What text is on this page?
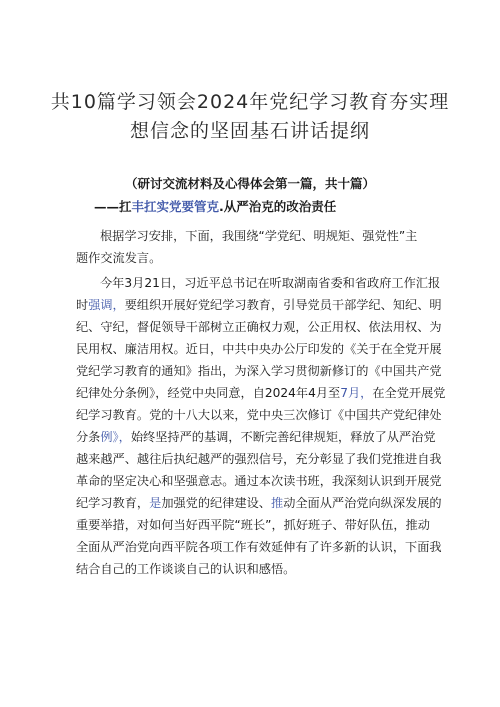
共10篇学习领会2024年党纪学习教育夯实理
想信念的坚固基石讲话提纲
（研讨交流材料及心得体会第一篇，共十篇）
——扛丰扛实党要管克.从严治克的改治责任
根据学习安排，下面，我围绕“学党纪、明规矩、强党性”主
题作交流发言。
今年3月21日，习近平总书记在听取湖南省委和省政府工作汇报
时强调，要组织开展好党纪学习教育，引导党员干部学纪、知纪、明
纪、守纪，督促领导干部树立正确权力观，公正用权、依法用权、为
民用权、廉洁用权。近日，中共中央办公厅印发的《关于在全党开展
党纪学习教育的通知》指出，为深入学习贯彻新修订的《中国共产党
纪律处分条例》，经党中央同意，自2024年4月至7月，在全党开展党
纪学习教育。党的十八大以来，党中央三次修订《中国共产党纪律处
分条例》，始终坚持严的基调，不断完善纪律规矩，释放了从严治党
越来越严、越往后执纪越严的强烈信号，充分彰显了我们党推进自我
革命的坚定决心和坚强意志。通过本次读书班，我深刻认识到开展党
纪学习教育，是加强党的纪律建设、推动全面从严治党向纵深发展的
重要举措，对如何当好西平院“班长”，抓好班子、带好队伍，推动
全面从严治党向西平院各项工作有效延伸有了许多新的认识，下面我
结合自己的工作谈谈自己的认识和感悟。
